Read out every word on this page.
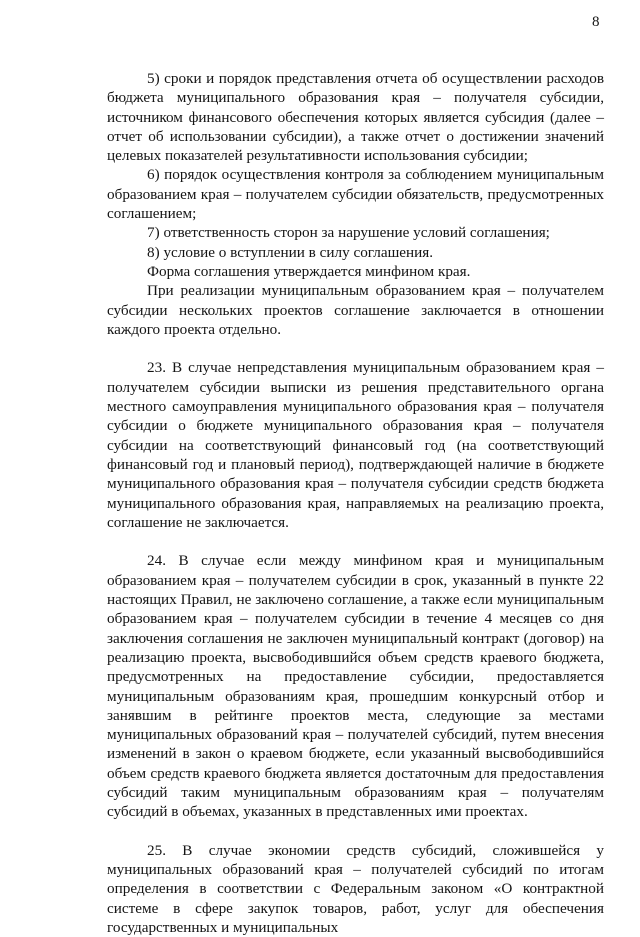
8

5) сроки и порядок представления отчета об осуществлении расходов бюджета муниципального образования края – получателя субсидии, источником финансового обеспечения которых является субсидия (далее – отчет об использовании субсидии), а также отчет о достижении значений целевых показателей результативности использования субсидии;

6) порядок осуществления контроля за соблюдением муниципальным образованием края – получателем субсидии обязательств, предусмотренных соглашением;

7) ответственность сторон за нарушение условий соглашения;

8) условие о вступлении в силу соглашения.

Форма соглашения утверждается минфином края.

При реализации муниципальным образованием края – получателем субсидии нескольких проектов соглашение заключается в отношении каждого проекта отдельно.

23. В случае непредставления муниципальным образованием края – получателем субсидии выписки из решения представительного органа местного самоуправления муниципального образования края – получателя субсидии о бюджете муниципального образования края – получателя субсидии на соответствующий финансовый год (на соответствующий финансовый год и плановый период), подтверждающей наличие в бюджете муниципального образования края – получателя субсидии средств бюджета муниципального образования края, направляемых на реализацию проекта, соглашение не заключается.

24. В случае если между минфином края и муниципальным образованием края – получателем субсидии в срок, указанный в пункте 22 настоящих Правил, не заключено соглашение, а также если муниципальным образованием края – получателем субсидии в течение 4 месяцев со дня заключения соглашения не заключен муниципальный контракт (договор) на реализацию проекта, высвободившийся объем средств краевого бюджета, предусмотренных на предоставление субсидии, предоставляется муниципальным образованиям края, прошедшим конкурсный отбор и занявшим в рейтинге проектов места, следующие за местами муниципальных образований края – получателей субсидий, путем внесения изменений в закон о краевом бюджете, если указанный высвободившийся объем средств краевого бюджета является достаточным для предоставления субсидий таким муниципальным образованиям края – получателям субсидий в объемах, указанных в представленных ими проектах.

25. В случае экономии средств субсидий, сложившейся у муниципальных образований края – получателей субсидий по итогам определения в соответствии с Федеральным законом «О контрактной системе в сфере закупок товаров, работ, услуг для обеспечения государственных и муниципальных
